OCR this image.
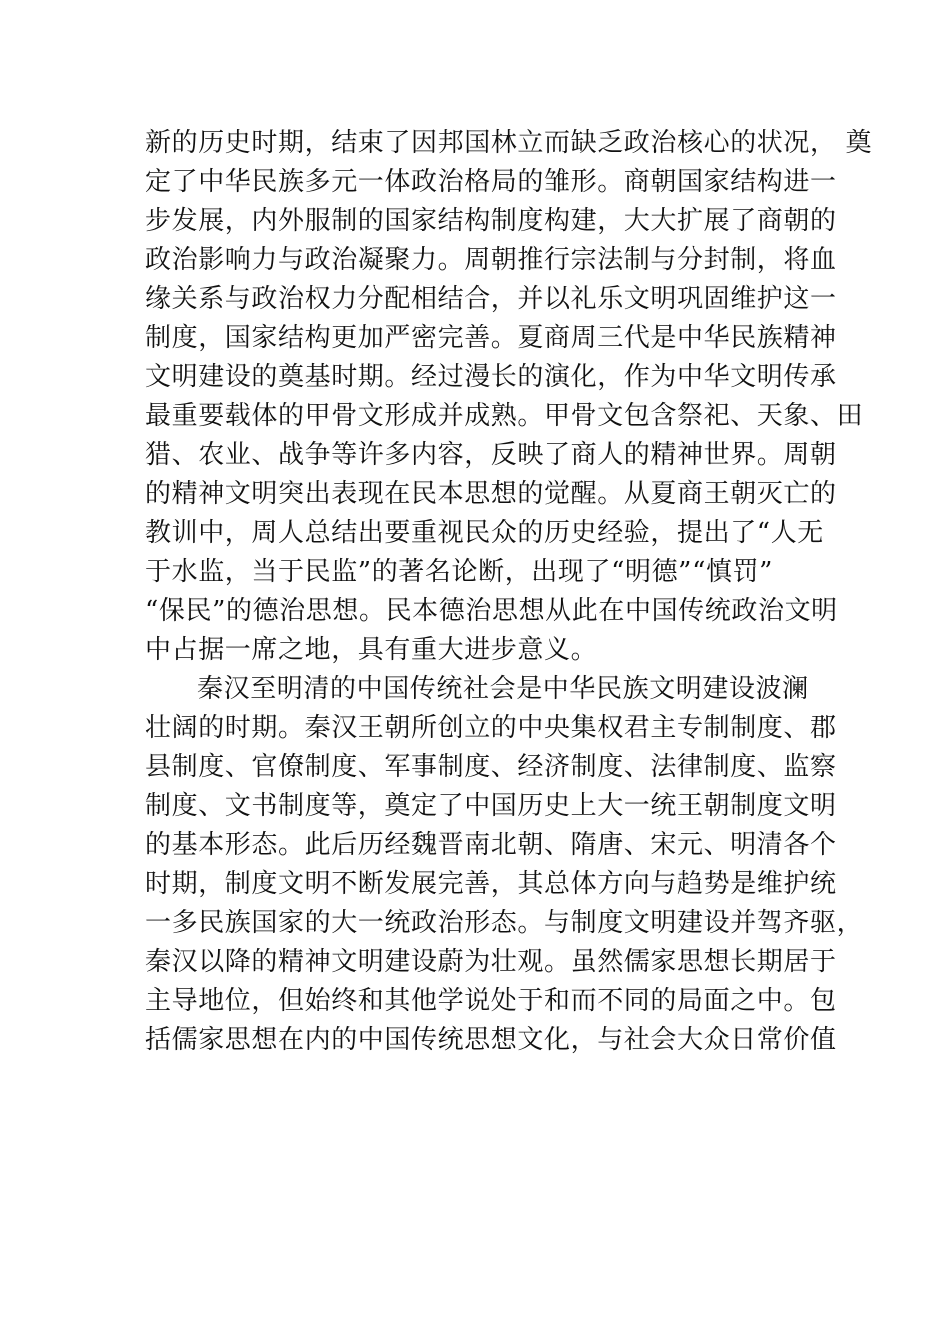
新的历史时期，结束了因邦国林立而缺乏政治核心的状况， 奠
定了中华民族多元一体政治格局的雏形。商朝国家结构进一
步发展，内外服制的国家结构制度构建，大大扩展了商朝的
政治影响力与政治凝聚力。周朝推行宗法制与分封制，将血
缘关系与政治权力分配相结合，并以礼乐文明巩固维护这一
制度，国家结构更加严密完善。夏商周三代是中华民族精神
文明建设的奠基时期。经过漫长的演化，作为中华文明传承
最重要载体的甲骨文形成并成熟。甲骨文包含祭祀、天象、田
猎、农业、战争等许多内容，反映了商人的精神世界。周朝
的精神文明突出表现在民本思想的觉醒。从夏商王朝灭亡的
教训中，周人总结出要重视民众的历史经验，提出了“人无
于水监，当于民监”的著名论断，出现了“明德”“慎罚”
“保民”的德治思想。民本德治思想从此在中国传统政治文明
中占据一席之地，具有重大进步意义。
秦汉至明清的中国传统社会是中华民族文明建设波澜
壮阔的时期。秦汉王朝所创立的中央集权君主专制制度、郡
县制度、官僚制度、军事制度、经济制度、法律制度、监察
制度、文书制度等，奠定了中国历史上大一统王朝制度文明
的基本形态。此后历经魏晋南北朝、隋唐、宋元、明清各个
时期，制度文明不断发展完善，其总体方向与趋势是维护统
一多民族国家的大一统政治形态。与制度文明建设并驾齐驱，
秦汉以降的精神文明建设蔚为壮观。虽然儒家思想长期居于
主导地位，但始终和其他学说处于和而不同的局面之中。包
括儒家思想在内的中国传统思想文化，与社会大众日常价值
